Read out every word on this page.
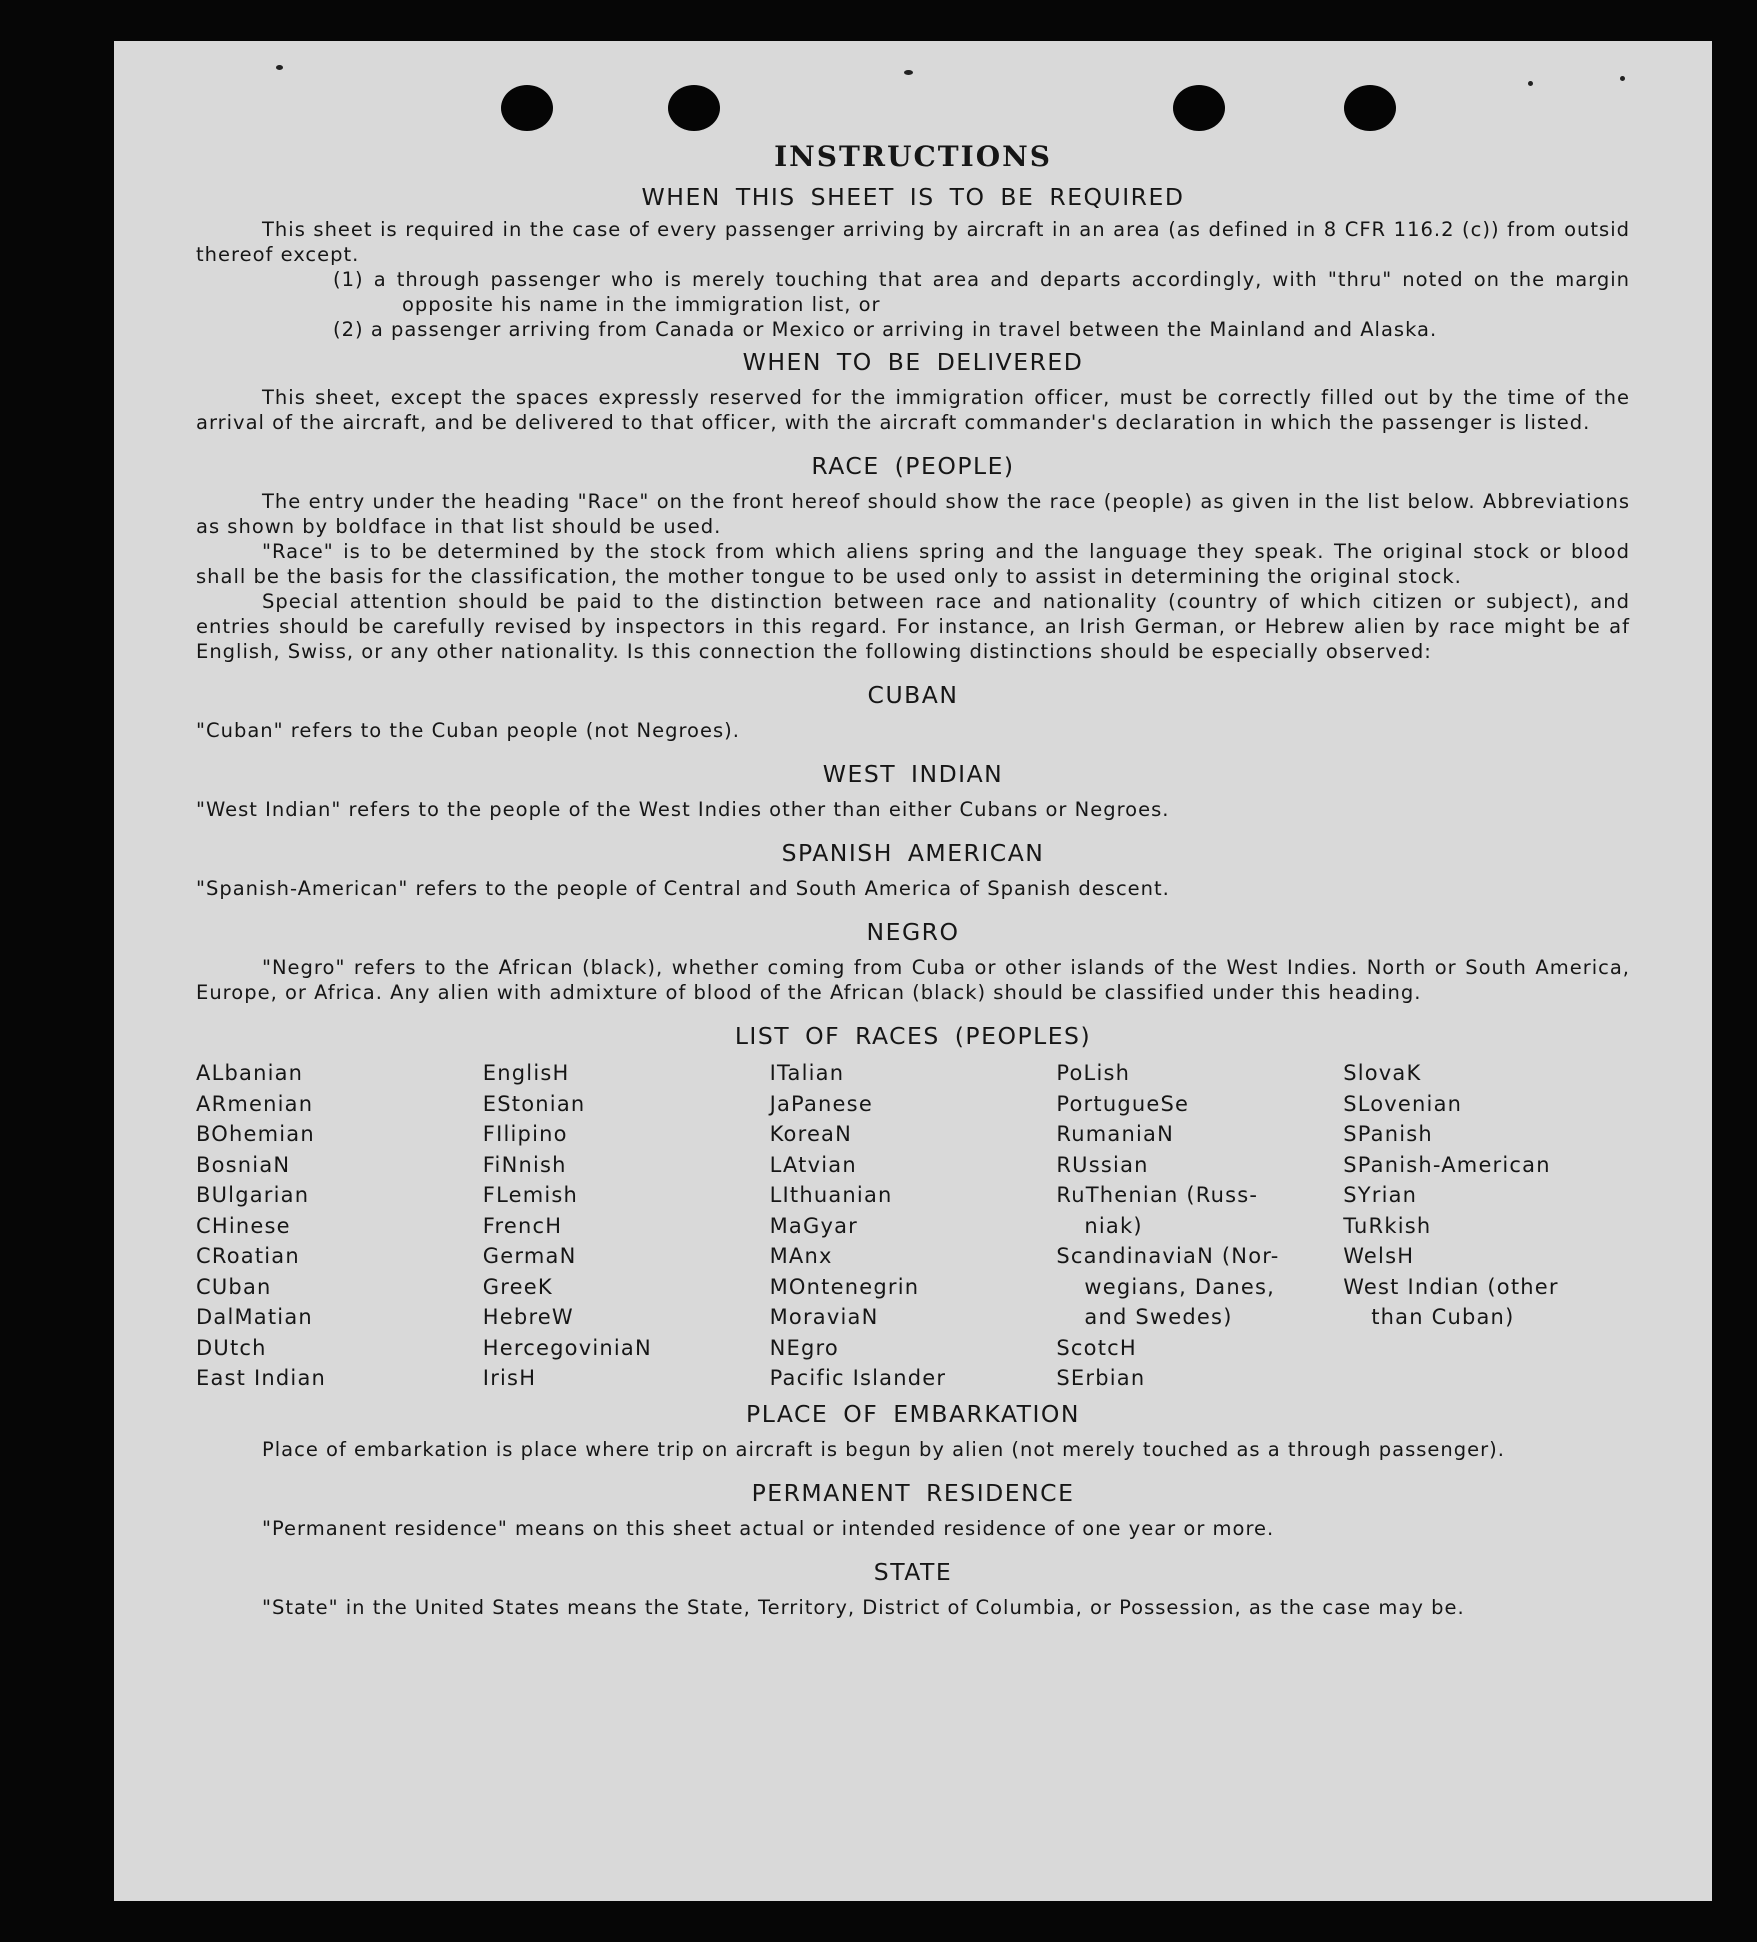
INSTRUCTIONS
WHEN THIS SHEET IS TO BE REQUIRED

This sheet is required in the case of every passenger arriving by aircraft in an area (as defined in 8 CFR 116.2 (c)) from outsid thereof except.

(1) a through passenger who is merely touching that area and departs accordingly, with "thru" noted on the margin opposite his name in the immigration list, or

(2) a passenger arriving from Canada or Mexico or arriving in travel between the Mainland and Alaska.

WHEN TO BE DELIVERED

This sheet, except the spaces expressly reserved for the immigration officer, must be correctly filled out by the time of the arrival of the aircraft, and be delivered to that officer, with the aircraft commander's declaration in which the passenger is listed.

RACE (PEOPLE)

The entry under the heading "Race" on the front hereof should show the race (people) as given in the list below. Abbreviations as shown by boldface in that list should be used.

"Race" is to be determined by the stock from which aliens spring and the language they speak. The original stock or blood shall be the basis for the classification, the mother tongue to be used only to assist in determining the original stock.

Special attention should be paid to the distinction between race and nationality (country of which citizen or subject), and entries should be carefully revised by inspectors in this regard. For instance, an Irish German, or Hebrew alien by race might be af English, Swiss, or any other nationality. Is this connection the following distinctions should be especially observed:

CUBAN

"Cuban" refers to the Cuban people (not Negroes).

WEST INDIAN

"West Indian" refers to the people of the West Indies other than either Cubans or Negroes.

SPANISH AMERICAN

"Spanish-American" refers to the people of Central and South America of Spanish descent.

NEGRO

"Negro" refers to the African (black), whether coming from Cuba or other islands of the West Indies. North or South America, Europe, or Africa. Any alien with admixture of blood of the African (black) should be classified under this heading.

LIST OF RACES (PEOPLES)
ALbanian
ARmenian
BOhemian
BosniaN
BUlgarian
CHinese
CRoatian
CUban
DalMatian
DUtch
East Indian
EnglisH
EStonian
FIlipino
FiNnish
FLemish
FrencH
GermaN
GreeK
HebreW
HercegoviniaN
IrisH
ITalian
JaPanese
KoreaN
LAtvian
LIthuanian
MaGyar
MAnx
MOntenegrin
MoraviaN
NEgro
Pacific Islander
PoLish
PortugueSe
RumaniaN
RUssian
RuThenian (Russ-
niak)
ScandinaviaN (Nor-
wegians, Danes,
and Swedes)
ScotcH
SErbian
SlovaK
SLovenian
SPanish
SPanish-American
SYrian
TuRkish
WelsH
West Indian (other
than Cuban)
PLACE OF EMBARKATION

Place of embarkation is place where trip on aircraft is begun by alien (not merely touched as a through passenger).

PERMANENT RESIDENCE

"Permanent residence" means on this sheet actual or intended residence of one year or more.

STATE

"State" in the United States means the State, Territory, District of Columbia, or Possession, as the case may be.
